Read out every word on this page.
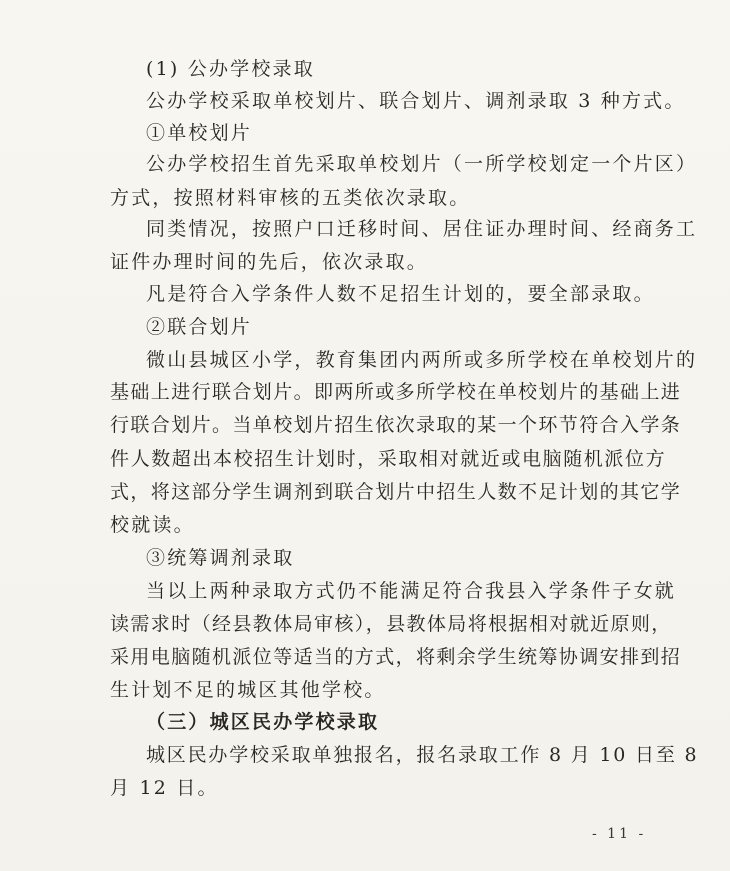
(1) 公办学校录取
公办学校采取单校划片、联合划片、调剂录取 3 种方式。
①单校划片
公办学校招生首先采取单校划片（一所学校划定一个片区）
方式，按照材料审核的五类依次录取。
同类情况，按照户口迁移时间、居住证办理时间、经商务工
证件办理时间的先后，依次录取。
凡是符合入学条件人数不足招生计划的，要全部录取。
②联合划片
微山县城区小学，教育集团内两所或多所学校在单校划片的
基础上进行联合划片。即两所或多所学校在单校划片的基础上进
行联合划片。当单校划片招生依次录取的某一个环节符合入学条
件人数超出本校招生计划时，采取相对就近或电脑随机派位方
式，将这部分学生调剂到联合划片中招生人数不足计划的其它学
校就读。
③统筹调剂录取
当以上两种录取方式仍不能满足符合我县入学条件子女就
读需求时（经县教体局审核），县教体局将根据相对就近原则，
采用电脑随机派位等适当的方式，将剩余学生统筹协调安排到招
生计划不足的城区其他学校。
（三）城区民办学校录取
城区民办学校采取单独报名，报名录取工作 8 月 10 日至 8
月 12 日。
- 11 -
